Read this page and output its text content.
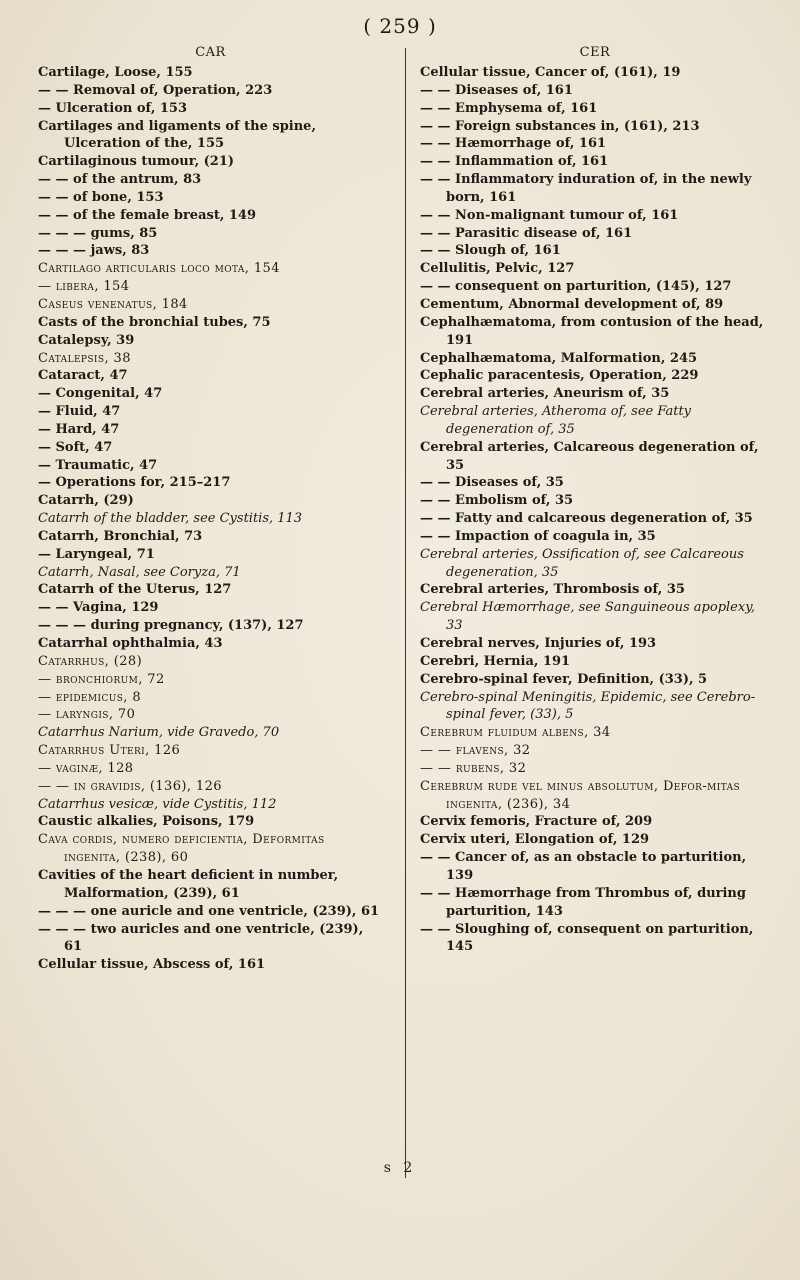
( 259 )
CAR
Cartilage, Loose, 155
— — Removal of, Operation, 223
— Ulceration of, 153
Cartilages and ligaments of the spine, Ulceration of the, 155
Cartilaginous tumour, (21)
— — of the antrum, 83
— — of bone, 153
— — of the female breast, 149
— — — gums, 85
— — — jaws, 83
Cartilago articularis loco mota, 154
— libera, 154
Caseus venenatus, 184
Casts of the bronchial tubes, 75
Catalepsy, 39
Catalepsis, 38
Cataract, 47
— Congenital, 47
— Fluid, 47
— Hard, 47
— Soft, 47
— Traumatic, 47
— Operations for, 215–217
Catarrh, (29)
Catarrh of the bladder, see Cystitis, 113
Catarrh, Bronchial, 73
— Laryngeal, 71
Catarrh, Nasal, see Coryza, 71
Catarrh of the Uterus, 127
— — Vagina, 129
— — — during pregnancy, (137), 127
Catarrhal ophthalmia, 43
Catarrhus, (28)
— bronchiorum, 72
— epidemicus, 8
— laryngis, 70
Catarrhus Narium, vide Gravedo, 70
Catarrhus Uteri, 126
— vaginæ, 128
— — in gravidis, (136), 126
Catarrhus vesicæ, vide Cystitis, 112
Caustic alkalies, Poisons, 179
Cava cordis, numero deficientia, Deformitas ingenita, (238), 60
Cavities of the heart deficient in number, Malformation, (239), 61
— — — one auricle and one ventricle, (239), 61
— — — two auricles and one ventricle, (239), 61
Cellular tissue, Abscess of, 161
CER
Cellular tissue, Cancer of, (161), 19
— — Diseases of, 161
— — Emphysema of, 161
— — Foreign substances in, (161), 213
— — Hæmorrhage of, 161
— — Inflammation of, 161
— — Inflammatory induration of, in the newly born, 161
— — Non-malignant tumour of, 161
— — Parasitic disease of, 161
— — Slough of, 161
Cellulitis, Pelvic, 127
— — consequent on parturition, (145), 127
Cementum, Abnormal development of, 89
Cephalhæmatoma, from contusion of the head, 191
Cephalhæmatoma, Malformation, 245
Cephalic paracentesis, Operation, 229
Cerebral arteries, Aneurism of, 35
Cerebral arteries, Atheroma of, see Fatty degeneration of, 35
Cerebral arteries, Calcareous degeneration of, 35
— — Diseases of, 35
— — Embolism of, 35
— — Fatty and calcareous degeneration of, 35
— — Impaction of coagula in, 35
Cerebral arteries, Ossification of, see Calcareous degeneration, 35
Cerebral arteries, Thrombosis of, 35
Cerebral Hæmorrhage, see Sanguineous apoplexy, 33
Cerebral nerves, Injuries of, 193
Cerebri, Hernia, 191
Cerebro-spinal fever, Definition, (33), 5
Cerebro-spinal Meningitis, Epidemic, see Cerebro-spinal fever, (33), 5
Cerebrum fluidum albens, 34
— — flavens, 32
— — rubens, 32
Cerebrum rude vel minus absolutum, Defor-mitas ingenita, (236), 34
Cervix femoris, Fracture of, 209
Cervix uteri, Elongation of, 129
— — Cancer of, as an obstacle to parturition, 139
— — Hæmorrhage from Thrombus of, during parturition, 143
— — Sloughing of, consequent on parturition, 145
s 2
